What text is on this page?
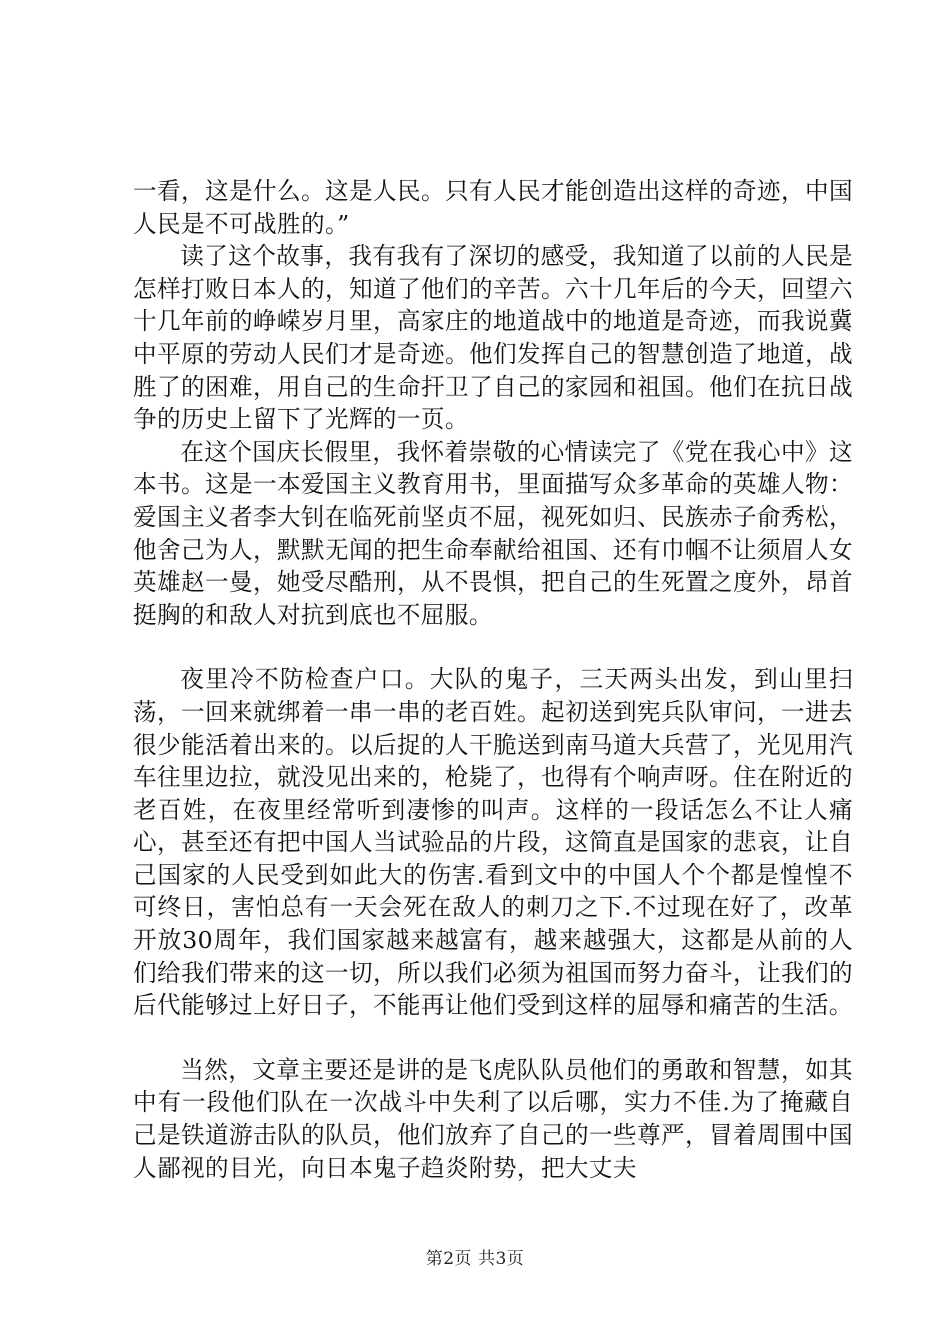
一看，这是什么。这是人民。只有人民才能创造出这样的奇迹，中国人民是不可战胜的。”

读了这个故事，我有我有了深切的感受，我知道了以前的人民是怎样打败日本人的，知道了他们的辛苦。六十几年后的今天，回望六十几年前的峥嵘岁月里，高家庄的地道战中的地道是奇迹，而我说冀中平原的劳动人民们才是奇迹。他们发挥自己的智慧创造了地道，战胜了的困难，用自己的生命扞卫了自己的家园和祖国。他们在抗日战争的历史上留下了光辉的一页。

在这个国庆长假里，我怀着崇敬的心情读完了《党在我心中》这本书。这是一本爱国主义教育用书，里面描写众多革命的英雄人物：爱国主义者李大钊在临死前坚贞不屈，视死如归、民族赤子俞秀松，他舍己为人，默默无闻的把生命奉献给祖国、还有巾帼不让须眉人女英雄赵一曼，她受尽酷刑，从不畏惧，把自己的生死置之度外，昂首挺胸的和敌人对抗到底也不屈服。

夜里冷不防检查户口。大队的鬼子，三天两头出发，到山里扫荡，一回来就绑着一串一串的老百姓。起初送到宪兵队审问，一进去很少能活着出来的。以后捉的人干脆送到南马道大兵营了，光见用汽车往里边拉，就没见出来的，枪毙了，也得有个响声呀。住在附近的老百姓，在夜里经常听到凄惨的叫声。这样的一段话怎么不让人痛心，甚至还有把中国人当试验品的片段，这简直是国家的悲哀，让自己国家的人民受到如此大的伤害.看到文中的中国人个个都是惶惶不可终日，害怕总有一天会死在敌人的刺刀之下.不过现在好了，改革开放30周年，我们国家越来越富有，越来越强大，这都是从前的人们给我们带来的这一切，所以我们必须为祖国而努力奋斗，让我们的后代能够过上好日子，不能再让他们受到这样的屈辱和痛苦的生活。

当然，文章主要还是讲的是飞虎队队员他们的勇敢和智慧，如其中有一段他们队在一次战斗中失利了以后哪，实力不佳.为了掩藏自己是铁道游击队的队员，他们放弃了自己的一些尊严，冒着周围中国人鄙视的目光，向日本鬼子趋炎附势，把大丈夫

第2页 共3页
